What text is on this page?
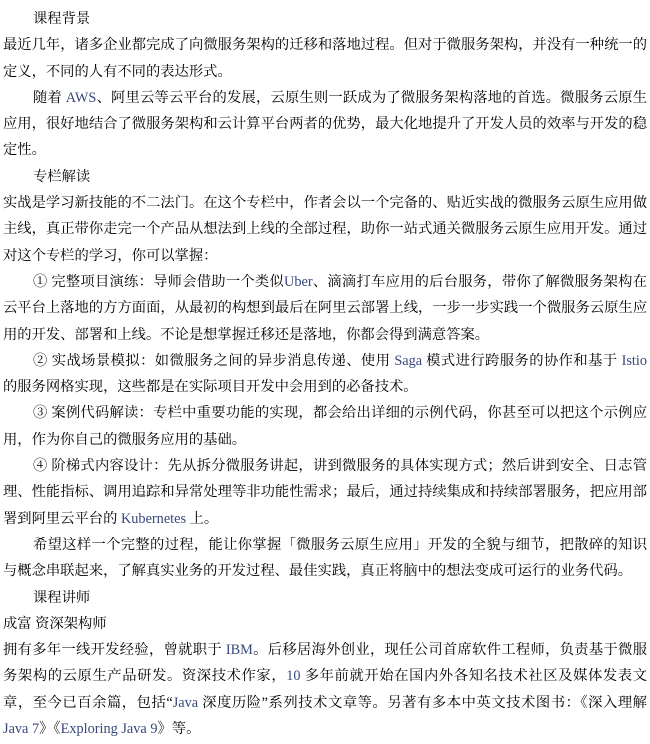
课程背景

最近几年，诸多企业都完成了向微服务架构的迁移和落地过程。但对于微服务架构，并没有一种统一的定义，不同的人有不同的表达形式。

随着 AWS、阿里云等云平台的发展，云原生则一跃成为了微服务架构落地的首选。微服务云原生应用，很好地结合了微服务架构和云计算平台两者的优势，最大化地提升了开发人员的效率与开发的稳定性。

专栏解读

实战是学习新技能的不二法门。在这个专栏中，作者会以一个完备的、贴近实战的微服务云原生应用做主线，真正带你走完一个产品从想法到上线的全部过程，助你一站式通关微服务云原生应用开发。通过对这个专栏的学习，你可以掌握：

① 完整项目演练：导师会借助一个类似Uber、滴滴打车应用的后台服务，带你了解微服务架构在云平台上落地的方方面面，从最初的构想到最后在阿里云部署上线，一步一步实践一个微服务云原生应用的开发、部署和上线。不论是想掌握迁移还是落地，你都会得到满意答案。

② 实战场景模拟：如微服务之间的异步消息传递、使用 Saga 模式进行跨服务的协作和基于 Istio 的服务网格实现，这些都是在实际项目开发中会用到的必备技术。

③ 案例代码解读：专栏中重要功能的实现，都会给出详细的示例代码，你甚至可以把这个示例应用，作为你自己的微服务应用的基础。

④ 阶梯式内容设计：先从拆分微服务讲起，讲到微服务的具体实现方式；然后讲到安全、日志管理、性能指标、调用追踪和异常处理等非功能性需求；最后，通过持续集成和持续部署服务，把应用部署到阿里云平台的 Kubernetes 上。

希望这样一个完整的过程，能让你掌握「微服务云原生应用」开发的全貌与细节，把散碎的知识与概念串联起来，了解真实业务的开发过程、最佳实践，真正将脑中的想法变成可运行的业务代码。

课程讲师

成富 资深架构师

拥有多年一线开发经验，曾就职于 IBM。后移居海外创业，现任公司首席软件工程师，负责基于微服务架构的云原生产品研发。资深技术作家，10 多年前就开始在国内外各知名技术社区及媒体发表文章，至今已百余篇，包括“Java 深度历险”系列技术文章等。另著有多本中英文技术图书：《深入理解 Java 7》《Exploring Java 9》等。
